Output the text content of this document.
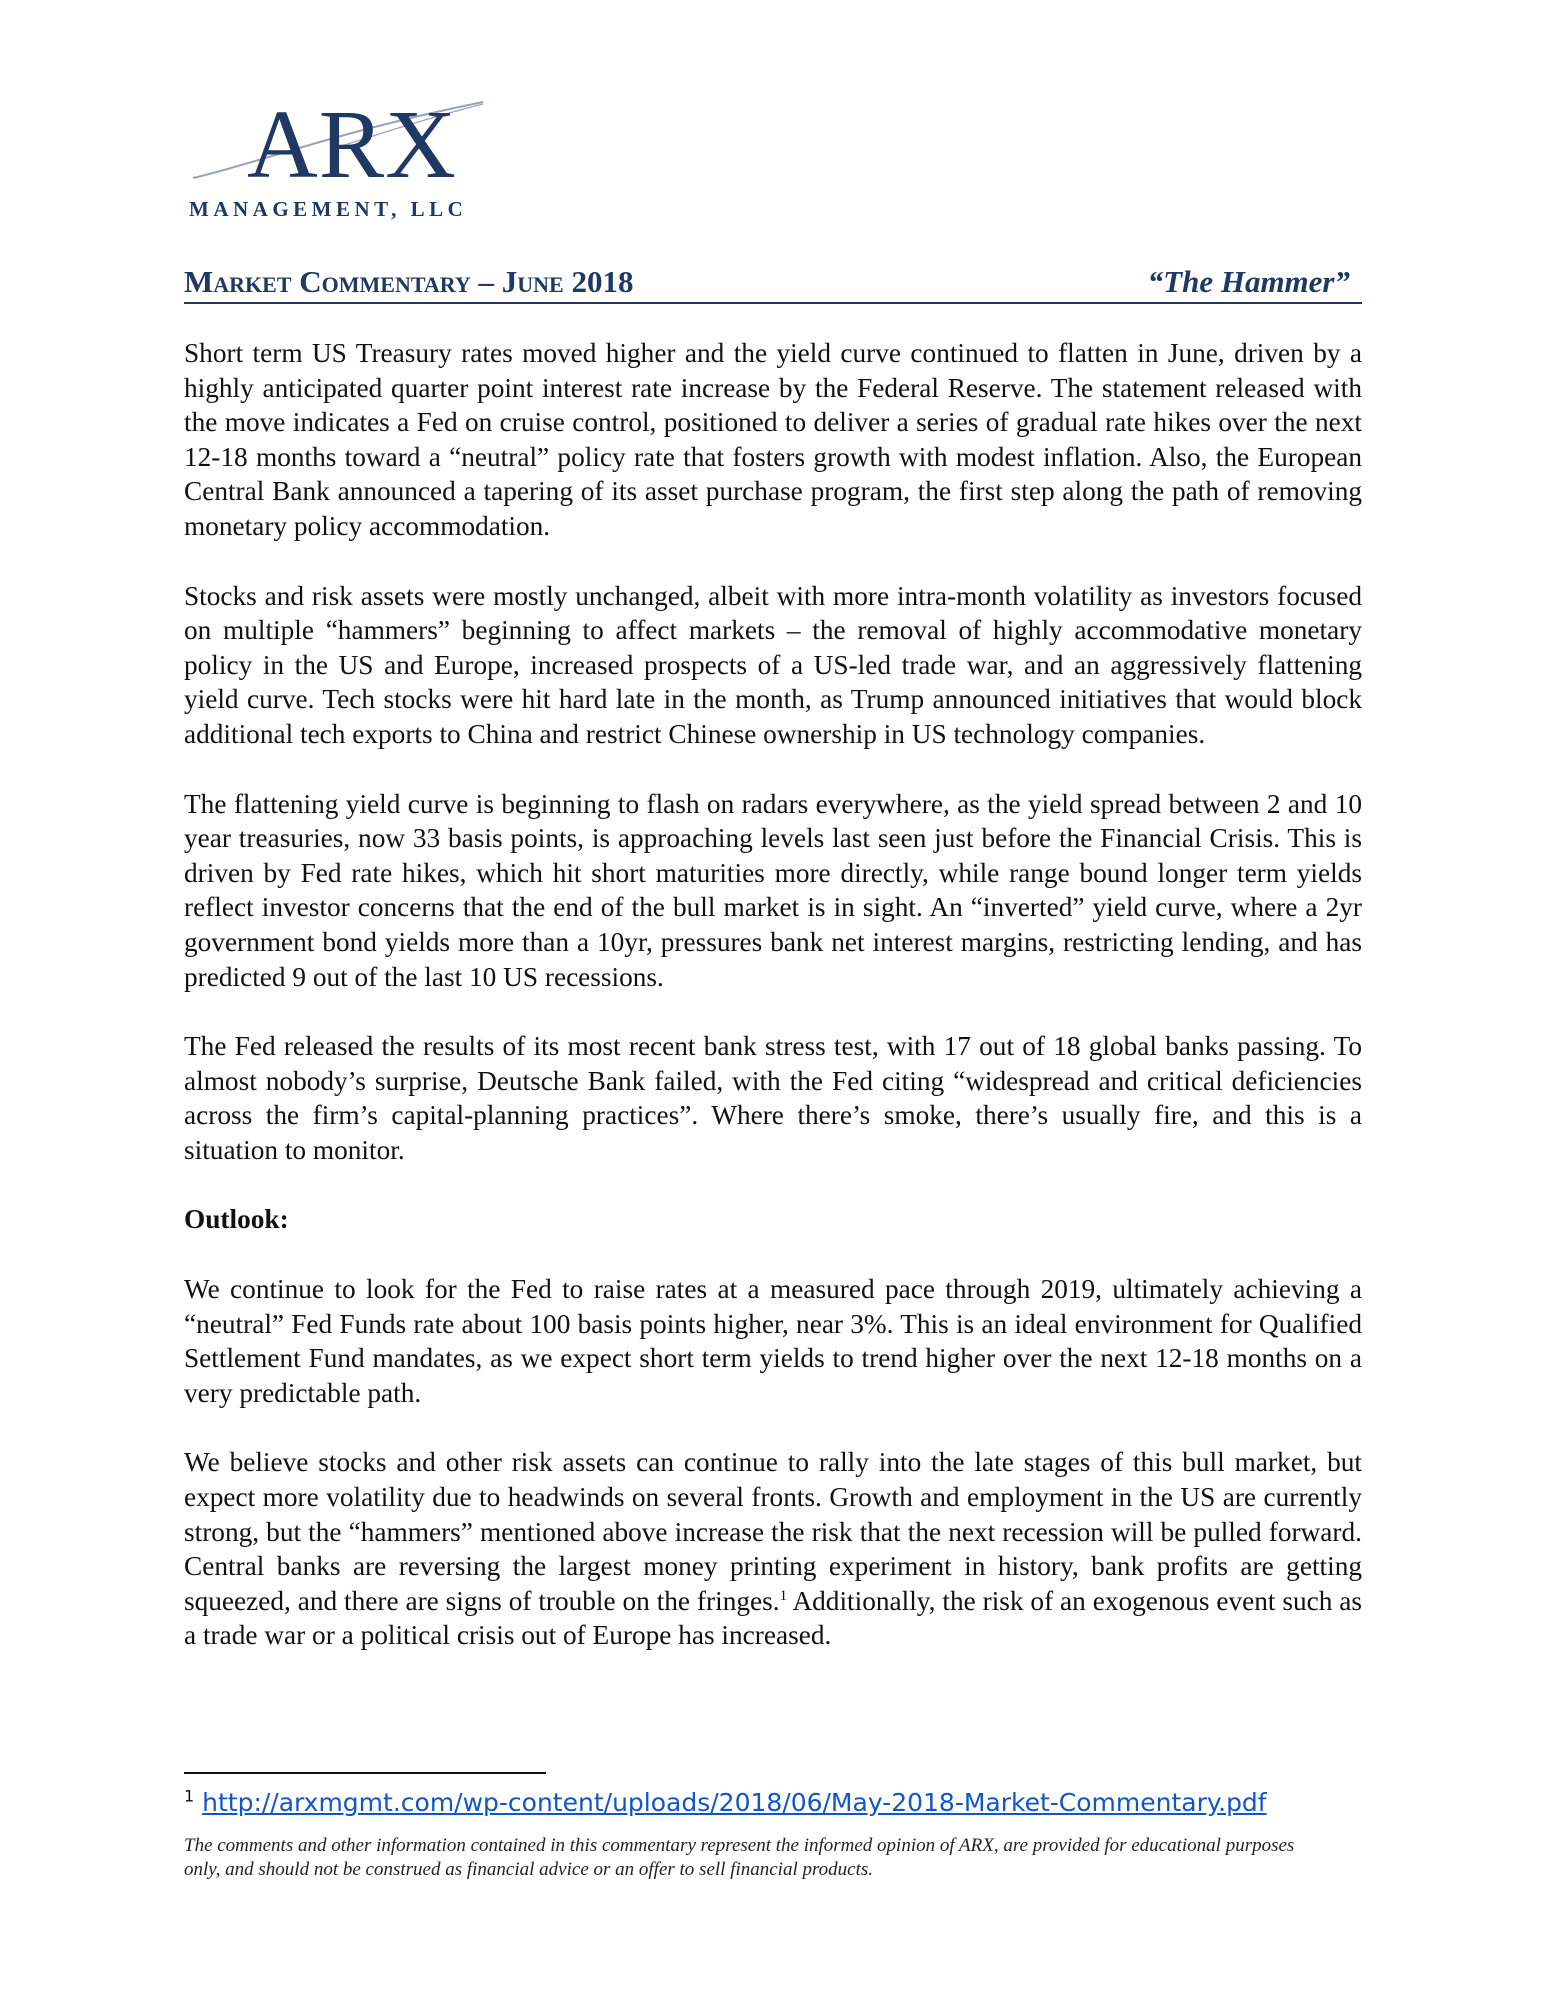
ARX
MANAGEMENT, LLC
Market Commentary – June 2018	“The Hammer”

Short term US Treasury rates moved higher and the yield curve continued to flatten in June, driven by a highly anticipated quarter point interest rate increase by the Federal Reserve. The statement released with the move indicates a Fed on cruise control, positioned to deliver a series of gradual rate hikes over the next 12-18 months toward a “neutral” policy rate that fosters growth with modest inflation. Also, the European Central Bank announced a tapering of its asset purchase program, the first step along the path of removing monetary policy accommodation.

Stocks and risk assets were mostly unchanged, albeit with more intra-month volatility as investors focused on multiple “hammers” beginning to affect markets – the removal of highly accommodative monetary policy in the US and Europe, increased prospects of a US-led trade war, and an aggressively flattening yield curve. Tech stocks were hit hard late in the month, as Trump announced initiatives that would block additional tech exports to China and restrict Chinese ownership in US technology companies.

The flattening yield curve is beginning to flash on radars everywhere, as the yield spread between 2 and 10 year treasuries, now 33 basis points, is approaching levels last seen just before the Financial Crisis. This is driven by Fed rate hikes, which hit short maturities more directly, while range bound longer term yields reflect investor concerns that the end of the bull market is in sight. An “inverted” yield curve, where a 2yr government bond yields more than a 10yr, pressures bank net interest margins, restricting lending, and has predicted 9 out of the last 10 US recessions.

The Fed released the results of its most recent bank stress test, with 17 out of 18 global banks passing. To almost nobody’s surprise, Deutsche Bank failed, with the Fed citing “widespread and critical deficiencies across the firm’s capital-planning practices”. Where there’s smoke, there’s usually fire, and this is a situation to monitor.

Outlook:

We continue to look for the Fed to raise rates at a measured pace through 2019, ultimately achieving a “neutral” Fed Funds rate about 100 basis points higher, near 3%. This is an ideal environment for Qualified Settlement Fund mandates, as we expect short term yields to trend higher over the next 12-18 months on a very predictable path.

We believe stocks and other risk assets can continue to rally into the late stages of this bull market, but expect more volatility due to headwinds on several fronts. Growth and employment in the US are currently strong, but the “hammers” mentioned above increase the risk that the next recession will be pulled forward. Central banks are reversing the largest money printing experiment in history, bank profits are getting squeezed, and there are signs of trouble on the fringes.$^1$ Additionally, the risk of an exogenous event such as a trade war or a political crisis out of Europe has increased.

$^1$ http://arxmgmt.com/wp-content/uploads/2018/06/May-2018-Market-Commentary.pdf
The comments and other information contained in this commentary represent the informed opinion of ARX, are provided for educational purposes only, and should not be construed as financial advice or an offer to sell financial products.
